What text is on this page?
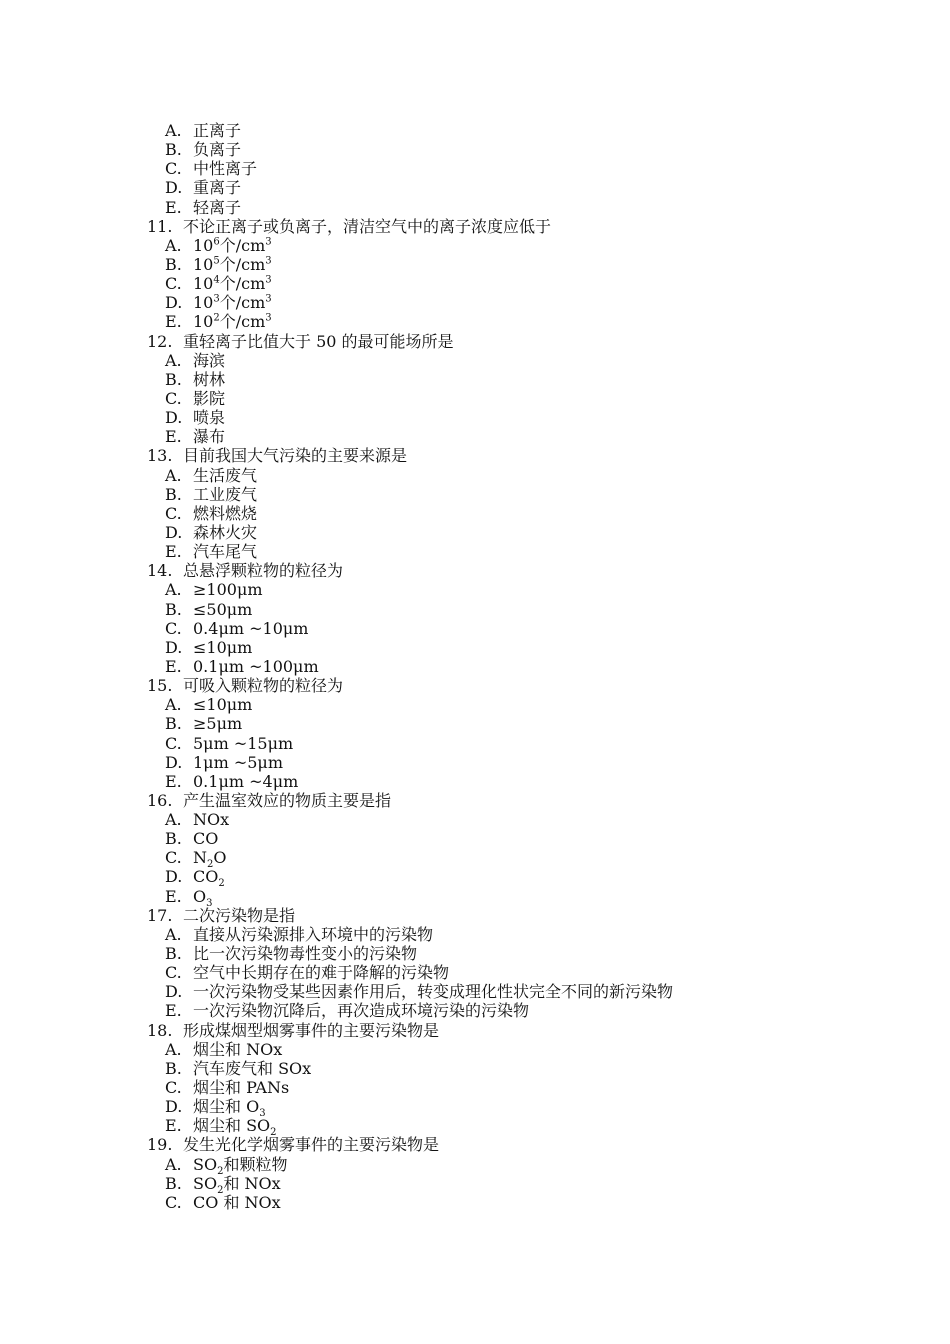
A. 正离子
B. 负离子
C. 中性离子
D. 重离子
E. 轻离子
11. 不论正离子或负离子，清洁空气中的离子浓度应低于
A. $10^6$个$/cm^3$
B. $10^5$个$/cm^3$
C. $10^4$个$/cm^3$
D. $10^3$个$/cm^3$
E. $10^2$个$/cm^3$
12. 重轻离子比值大于 50 的最可能场所是
A. 海滨
B. 树林
C. 影院
D. 喷泉
E. 瀑布
13. 目前我国大气污染的主要来源是
A. 生活废气
B. 工业废气
C. 燃料燃烧
D. 森林火灾
E. 汽车尾气
14. 总悬浮颗粒物的粒径为
A. ≥100μm
B. ≤50μm
C. 0.4μm ~10μm
D. ≤10μm
E. 0.1μm ~100μm
15. 可吸入颗粒物的粒径为
A. ≤10μm
B. ≥5μm
C. 5μm ~15μm
D. 1μm ~5μm
E. 0.1μm ~4μm
16. 产生温室效应的物质主要是指
A. NOx
B. CO
C. $N_2O$
D. $CO_2$
E. $O_3$
17. 二次污染物是指
A. 直接从污染源排入环境中的污染物
B. 比一次污染物毒性变小的污染物
C. 空气中长期存在的难于降解的污染物
D. 一次污染物受某些因素作用后，转变成理化性状完全不同的新污染物
E. 一次污染物沉降后，再次造成环境污染的污染物
18. 形成煤烟型烟雾事件的主要污染物是
A. 烟尘和 NOx
B. 汽车废气和 SOx
C. 烟尘和 PANs
D. 烟尘和 $O_3$
E. 烟尘和 $SO_2$
19. 发生光化学烟雾事件的主要污染物是
A. $SO_2$和颗粒物
B. $SO_2$和 NOx
C. CO 和 NOx
